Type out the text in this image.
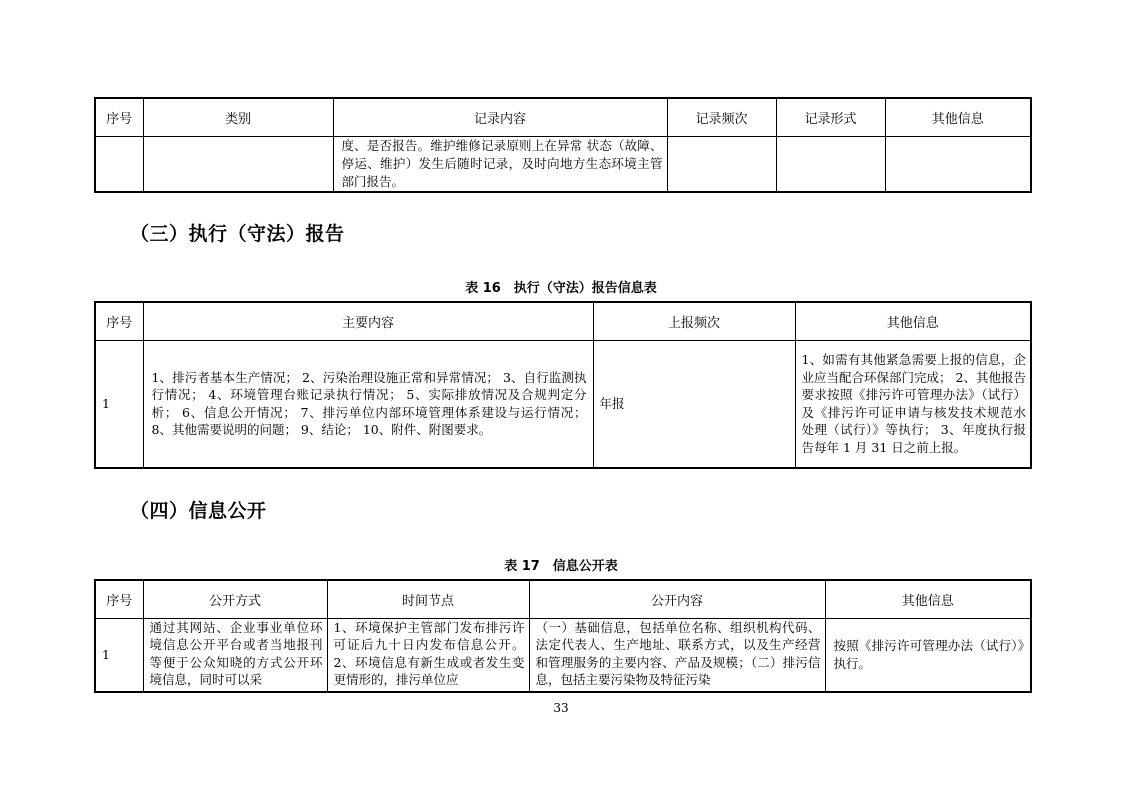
序号	类别	记录内容	记录频次	记录形式	其他信息
		度、是否报告。维护维修记录原则上在异常 状态（故障、停运、维护）发生后随时记录，及时向地方生态环境主管部门报告。			
（三）执行（守法）报告
表 16　执行（守法）报告信息表
序号	主要内容	上报频次	其他信息
1	1、排污者基本生产情况； 2、污染治理设施正常和异常情况； 3、自行监测执行情况； 4、环境管理台账记录执行情况； 5、实际排放情况及合规判定分析； 6、信息公开情况； 7、排污单位内部环境管理体系建设与运行情况； 8、其他需要说明的问题； 9、结论； 10、附件、附图要求。	年报	1、如需有其他紧急需要上报的信息，企业应当配合环保部门完成； 2、其他报告要求按照《排污许可管理办法》（试行）及《排污许可证申请与核发技术规范水处理（试行）》等执行； 3、年度执行报告每年 1 月 31 日之前上报。
（四）信息公开
表 17　信息公开表
序号	公开方式	时间节点	公开内容	其他信息
1	通过其网站、企业事业单位环境信息公开平台或者当地报刊等便于公众知晓的方式公开环境信息，同时可以采	1、环境保护主管部门发布排污许可证后九十日内发布信息公开。2、环境信息有新生成或者发生变更情形的，排污单位应	（一）基础信息，包括单位名称、组织机构代码、法定代表人、生产地址、联系方式，以及生产经营和管理服务的主要内容、产品及规模；（二）排污信息，包括主要污染物及特征污染	按照《排污许可管理办法（试行）》执行。
33
